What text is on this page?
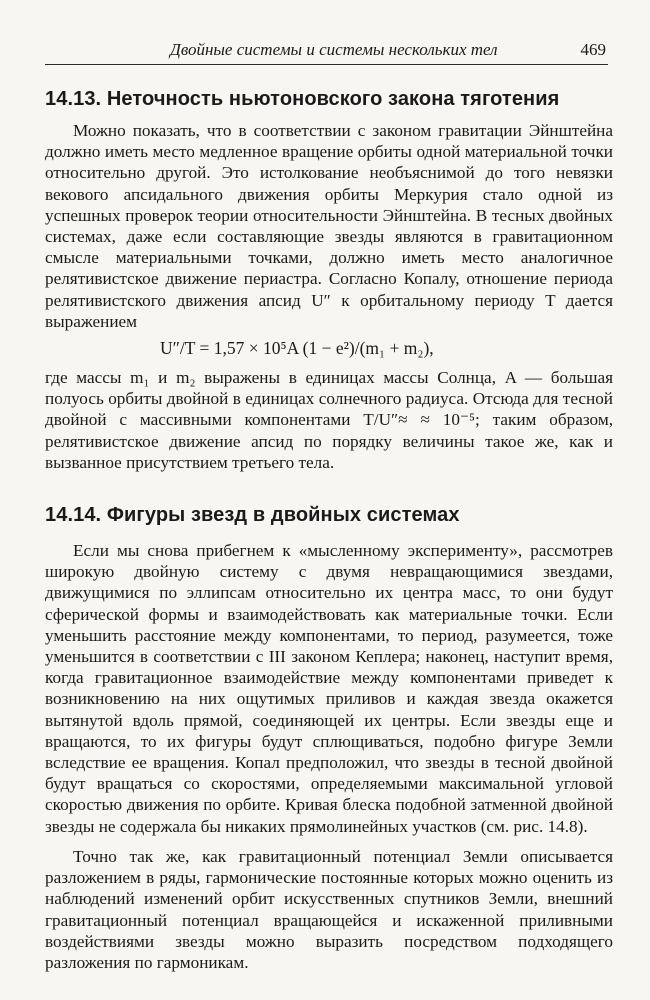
Двойные системы и системы нескольких тел	469
14.13. Неточность ньютоновского закона тяготения

Можно показать, что в соответствии с законом гравитации Эйнштейна должно иметь место медленное вращение орбиты одной материальной точки относительно другой. Это истолкование необъяснимой до того невязки векового апсидального движения орбиты Меркурия стало одной из успешных проверок теории относительности Эйнштейна. В тесных двойных системах, даже если составляющие звезды являются в гравитационном смысле материальными точками, должно иметь место аналогичное релятивистское движение периастра. Согласно Копалу, отношение периода релятивистского движения апсид U″ к орбитальному периоду T дается выражением

U″/T = 1,57 × 10⁵A (1 − e²)/(m₁ + m₂),

где массы m₁ и m₂ выражены в единицах массы Солнца, A — большая полуось орбиты двойной в единицах солнечного радиуса. Отсюда для тесной двойной с массивными компонентами T/U″≈ ≈ 10⁻⁵; таким образом, релятивистское движение апсид по порядку величины такое же, как и вызванное присутствием третьего тела.

14.14. Фигуры звезд в двойных системах

Если мы снова прибегнем к «мысленному эксперименту», рассмотрев широкую двойную систему с двумя невращающимися звездами, движущимися по эллипсам относительно их центра масс, то они будут сферической формы и взаимодействовать как материальные точки. Если уменьшить расстояние между компонентами, то период, разумеется, тоже уменьшится в соответствии с III законом Кеплера; наконец, наступит время, когда гравитационное взаимодействие между компонентами приведет к возникновению на них ощутимых приливов и каждая звезда окажется вытянутой вдоль прямой, соединяющей их центры. Если звезды еще и вращаются, то их фигуры будут сплющиваться, подобно фигуре Земли вследствие ее вращения. Копал предположил, что звезды в тесной двойной будут вращаться со скоростями, определяемыми максимальной угловой скоростью движения по орбите. Кривая блеска подобной затменной двойной звезды не содержала бы никаких прямолинейных участков (см. рис. 14.8).

Точно так же, как гравитационный потенциал Земли описывается разложением в ряды, гармонические постоянные которых можно оценить из наблюдений изменений орбит искусственных спутников Земли, внешний гравитационный потенциал вращающейся и искаженной приливными воздействиями звезды можно выразить посредством подходящего разложения по гармоникам.
